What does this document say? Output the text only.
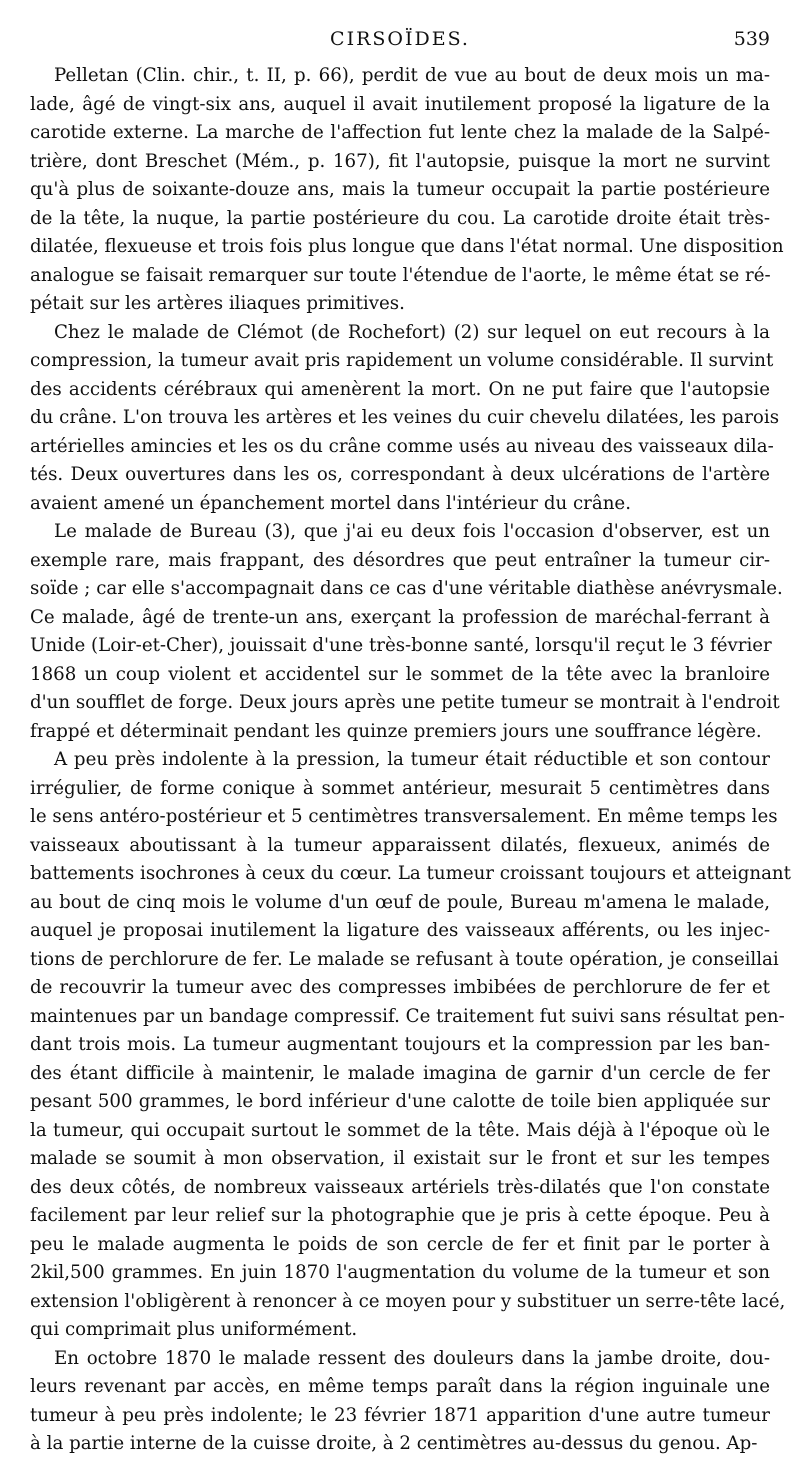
CIRSOÏDES.	539
Pelletan (Clin. chir., t. II, p. 66), perdit de vue au bout de deux mois un ma-
lade, âgé de vingt-six ans, auquel il avait inutilement proposé la ligature de la
carotide externe. La marche de l'affection fut lente chez la malade de la Salpé-
trière, dont Breschet (Mém., p. 167), fit l'autopsie, puisque la mort ne survint
qu'à plus de soixante-douze ans, mais la tumeur occupait la partie postérieure
de la tête, la nuque, la partie postérieure du cou. La carotide droite était très-
dilatée, flexueuse et trois fois plus longue que dans l'état normal. Une disposition
analogue se faisait remarquer sur toute l'étendue de l'aorte, le même état se ré-
pétait sur les artères iliaques primitives.
Chez le malade de Clémot (de Rochefort) (2) sur lequel on eut recours à la
compression, la tumeur avait pris rapidement un volume considérable. Il survint
des accidents cérébraux qui amenèrent la mort. On ne put faire que l'autopsie
du crâne. L'on trouva les artères et les veines du cuir chevelu dilatées, les parois
artérielles amincies et les os du crâne comme usés au niveau des vaisseaux dila-
tés. Deux ouvertures dans les os, correspondant à deux ulcérations de l'artère
avaient amené un épanchement mortel dans l'intérieur du crâne.
Le malade de Bureau (3), que j'ai eu deux fois l'occasion d'observer, est un
exemple rare, mais frappant, des désordres que peut entraîner la tumeur cir-
soïde ; car elle s'accompagnait dans ce cas d'une véritable diathèse anévrysmale.
Ce malade, âgé de trente-un ans, exerçant la profession de maréchal-ferrant à
Unide (Loir-et-Cher), jouissait d'une très-bonne santé, lorsqu'il reçut le 3 février
1868 un coup violent et accidentel sur le sommet de la tête avec la branloire
d'un soufflet de forge. Deux jours après une petite tumeur se montrait à l'endroit
frappé et déterminait pendant les quinze premiers jours une souffrance légère.
A peu près indolente à la pression, la tumeur était réductible et son contour
irrégulier, de forme conique à sommet antérieur, mesurait 5 centimètres dans
le sens antéro-postérieur et 5 centimètres transversalement. En même temps les
vaisseaux aboutissant à la tumeur apparaissent dilatés, flexueux, animés de
battements isochrones à ceux du cœur. La tumeur croissant toujours et atteignant
au bout de cinq mois le volume d'un œuf de poule, Bureau m'amena le malade,
auquel je proposai inutilement la ligature des vaisseaux afférents, ou les injec-
tions de perchlorure de fer. Le malade se refusant à toute opération, je conseillai
de recouvrir la tumeur avec des compresses imbibées de perchlorure de fer et
maintenues par un bandage compressif. Ce traitement fut suivi sans résultat pen-
dant trois mois. La tumeur augmentant toujours et la compression par les ban-
des étant difficile à maintenir, le malade imagina de garnir d'un cercle de fer
pesant 500 grammes, le bord inférieur d'une calotte de toile bien appliquée sur
la tumeur, qui occupait surtout le sommet de la tête. Mais déjà à l'époque où le
malade se soumit à mon observation, il existait sur le front et sur les tempes
des deux côtés, de nombreux vaisseaux artériels très-dilatés que l'on constate
facilement par leur relief sur la photographie que je pris à cette époque. Peu à
peu le malade augmenta le poids de son cercle de fer et finit par le porter à
2kil,500 grammes. En juin 1870 l'augmentation du volume de la tumeur et son
extension l'obligèrent à renoncer à ce moyen pour y substituer un serre-tête lacé,
qui comprimait plus uniformément.
En octobre 1870 le malade ressent des douleurs dans la jambe droite, dou-
leurs revenant par accès, en même temps paraît dans la région inguinale une
tumeur à peu près indolente; le 23 février 1871 apparition d'une autre tumeur
à la partie interne de la cuisse droite, à 2 centimètres au-dessus du genou. Ap-
